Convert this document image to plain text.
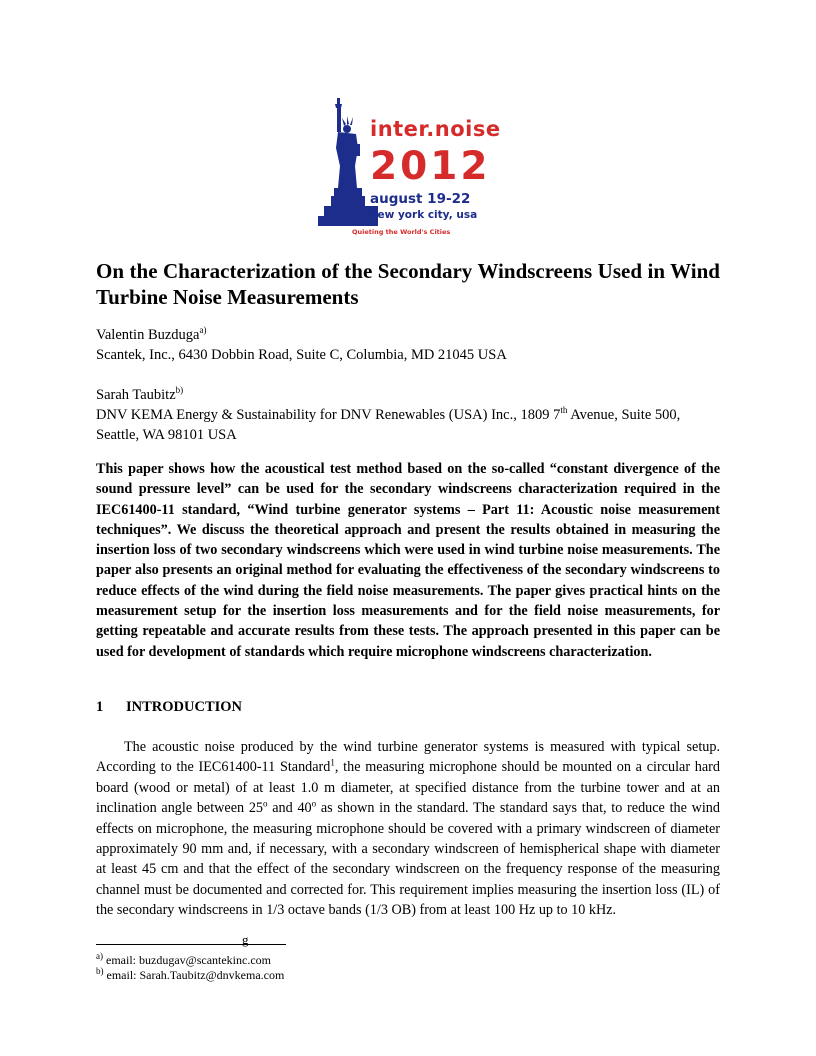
inter.noise
2012
august 19-22
new york city, usa
Quieting the World's Cities
On the Characterization of the Secondary Windscreens Used in Wind Turbine Noise Measurements

Valentin Buzduga$^{a)}$
Scantek, Inc., 6430 Dobbin Road, Suite C, Columbia, MD 21045 USA

Sarah Taubitz$^{b)}$
DNV KEMA Energy & Sustainability for DNV Renewables (USA) Inc., 1809 7th Avenue, Suite 500, Seattle, WA 98101 USA

This paper shows how the acoustical test method based on the so-called “constant divergence of the sound pressure level” can be used for the secondary windscreens characterization required in the IEC61400-11 standard, “Wind turbine generator systems – Part 11: Acoustic noise measurement techniques”. We discuss the theoretical approach and present the results obtained in measuring the insertion loss of two secondary windscreens which were used in wind turbine noise measurements. The paper also presents an original method for evaluating the effectiveness of the secondary windscreens to reduce effects of the wind during the field noise measurements. The paper gives practical hints on the measurement setup for the insertion loss measurements and for the field noise measurements, for getting repeatable and accurate results from these tests. The approach presented in this paper can be used for development of standards which require microphone windscreens characterization.

1 INTRODUCTION

The acoustic noise produced by the wind turbine generator systems is measured with typical setup. According to the IEC61400-11 Standard$^1$, the measuring microphone should be mounted on a circular hard board (wood or metal) of at least 1.0 m diameter, at specified distance from the turbine tower and at an inclination angle between 25$^o$ and 40$^o$ as shown in the standard. The standard says that, to reduce the wind effects on microphone, the measuring microphone should be covered with a primary windscreen of diameter approximately 90 mm and, if necessary, with a secondary windscreen of hemispherical shape with diameter at least 45 cm and that the effect of the secondary windscreen on the frequency response of the measuring channel must be documented and corrected for. This requirement implies measuring the insertion loss (IL) of the secondary windscreens in 1/3 octave bands (1/3 OB) from at least 100 Hz up to 10 kHz.

g

$^{a)}$ email: buzdugav@scantekinc.com

$^{b)}$ email: Sarah.Taubitz@dnvkema.com
